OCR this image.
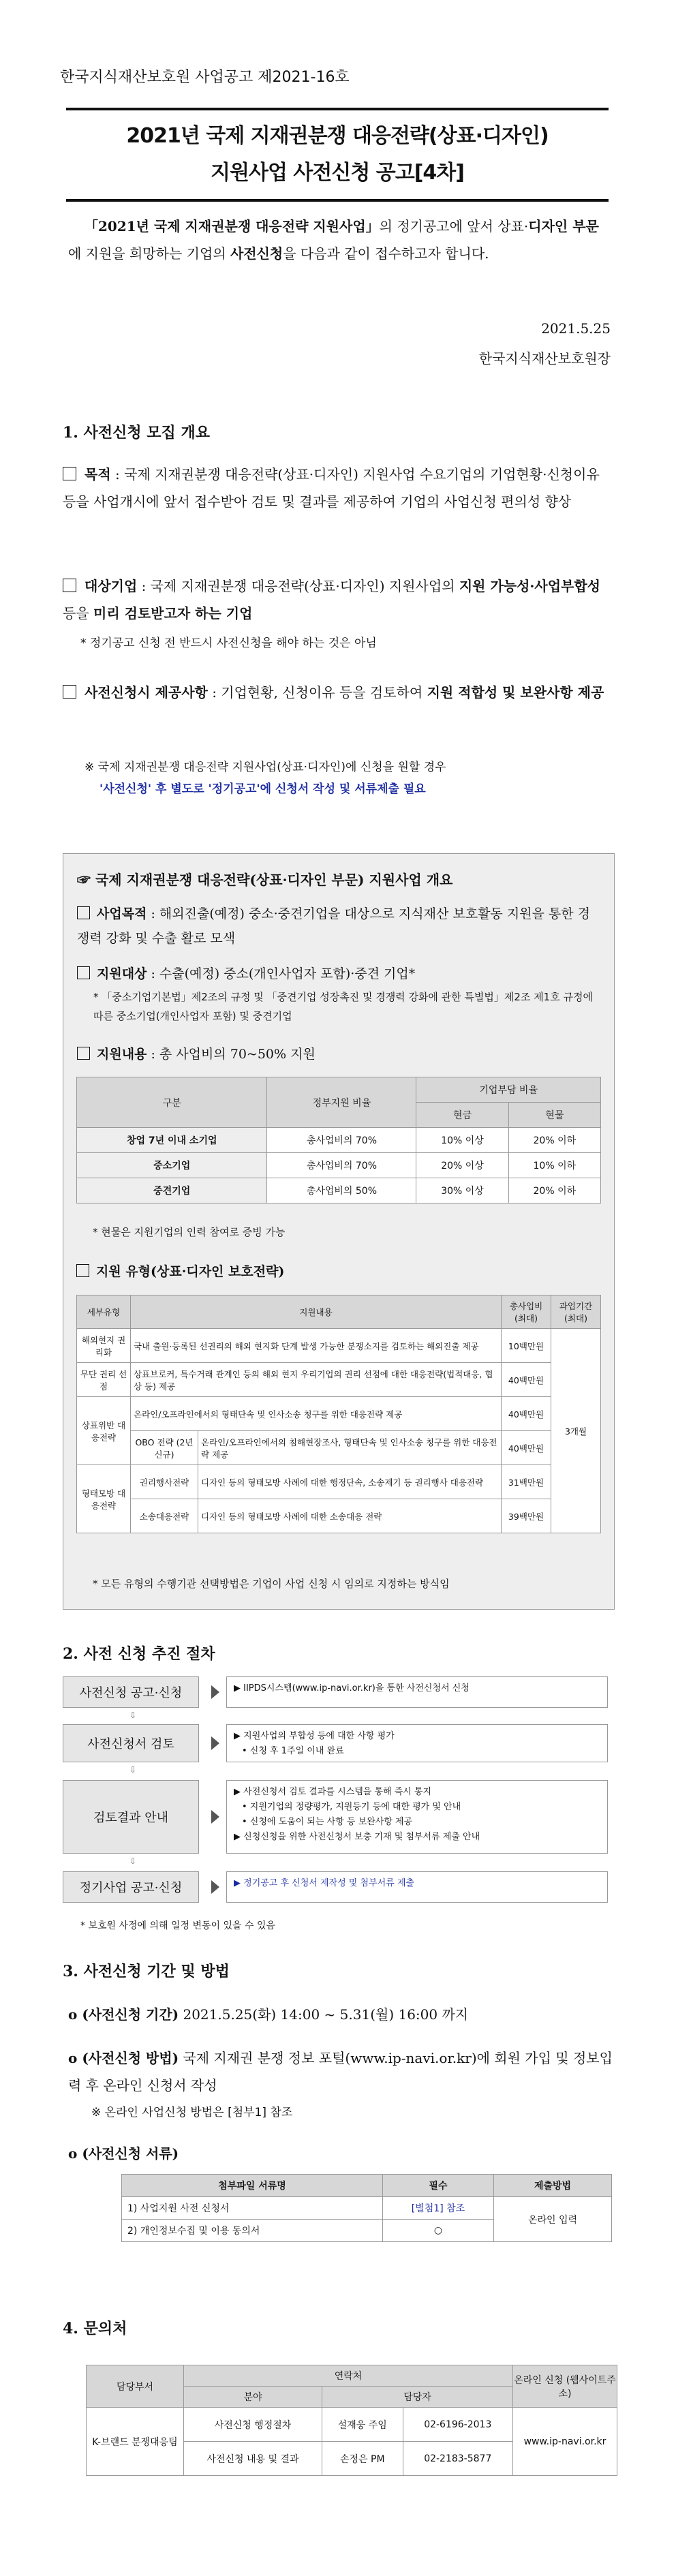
한국지식재산보호원 사업공고 제2021-16호
2021년 국제 지재권분쟁 대응전략(상표·디자인)
지원사업 사전신청 공고[4차]
「2021년 국제 지재권분쟁 대응전략 지원사업」의 정기공고에 앞서 상표·디자인 부문에 지원을 희망하는 기업의 사전신청을 다음과 같이 접수하고자 합니다.
2021.5.25
한국지식재산보호원장
1. 사전신청 모집 개요
목적 : 국제 지재권분쟁 대응전략(상표·디자인) 지원사업 수요기업의 기업현황·신청이유 등을 사업개시에 앞서 접수받아 검토 및 결과를 제공하여 기업의 사업신청 편의성 향상
대상기업 : 국제 지재권분쟁 대응전략(상표·디자인) 지원사업의 지원 가능성·사업부합성 등을 미리 검토받고자 하는 기업
* 정기공고 신청 전 반드시 사전신청을 해야 하는 것은 아님
사전신청시 제공사항 : 기업현황, 신청이유 등을 검토하여 지원 적합성 및 보완사항 제공
※ 국제 지재권분쟁 대응전략 지원사업(상표·디자인)에 신청을 원할 경우
'사전신청' 후 별도로 '정기공고'에 신청서 작성 및 서류제출 필요
☞ 국제 지재권분쟁 대응전략(상표·디자인 부문) 지원사업 개요
사업목적 : 해외진출(예정) 중소·중견기업을 대상으로 지식재산 보호활동 지원을 통한 경쟁력 강화 및 수출 활로 모색
지원대상 : 수출(예정) 중소(개인사업자 포함)·중견 기업*
* 「중소기업기본법」제2조의 규정 및 「중견기업 성장촉진 및 경쟁력 강화에 관한 특별법」제2조 제1호 규정에 따른 중소기업(개인사업자 포함) 및 중견기업
지원내용 : 총 사업비의 70~50% 지원
구분	정부지원 비율	기업부담 비율	
		현금	현물
창업 7년 이내 소기업	총사업비의 70%	10% 이상	20% 이하
중소기업	총사업비의 70%	20% 이상	10% 이하
중견기업	총사업비의 50%	30% 이상	20% 이하
* 현물은 지원기업의 인력 참여로 증빙 가능
지원 유형(상표·디자인 보호전략)
세부유형	지원내용		총사업비 (최대)	과업기간 (최대)
해외현지 권리화	국내 출원·등록된 선권리의 해외 현지화 단계 발생 가능한 분쟁소지를 검토하는 해외진출 제공		10백만원	3개월
무단 권리 선점	상표브로커, 특수거래 관계인 등의 해외 현지 우리기업의 권리 선점에 대한 대응전략(법적대응, 협상 등) 제공		40백만원	
상표위반 대응전략	온라인/오프라인에서의 형태단속 및 인사소송 청구를 위한 대응전략 제공		40백만원	
	OBO 전략 (2년 신규)	온라인/오프라인에서의 침해현장조사, 형태단속 및 인사소송 청구를 위한 대응전략 제공	40백만원	
형태모방 대응전략	권리행사전략	디자인 등의 형태모방 사례에 대한 행정단속, 소송제기 등 권리행사 대응전략	31백만원	
	소송대응전략	디자인 등의 형태모방 사례에 대한 소송대응 전략	39백만원	
* 모든 유형의 수행기관 선택방법은 기업이 사업 신청 시 임의로 지정하는 방식임
2. 사전 신청 추진 절차
사전신청 공고·신청	▶ IIPDS시스템(www.ip-navi.or.kr)을 통한 사전신청서 신청
⇩
사전신청서 검토
▶ 지원사업의 부합성 등에 대한 사항 평가
• 신청 후 1주일 이내 완료
⇩
검토결과 안내
▶ 사전신청서 검토 결과를 시스템을 통해 즉시 통지
• 지원기업의 정량평가, 지원등기 등에 대한 평가 및 안내
• 신청에 도움이 되는 사항 등 보완사항 제공
▶ 신청신청을 위한 사전신청서 보충 기재 및 첨부서류 제출 안내
⇩
정기사업 공고·신청	▶ 정기공고 후 신청서 제작성 및 첨부서류 제출
* 보호원 사정에 의해 일정 변동이 있을 수 있음
3. 사전신청 기간 및 방법
o (사전신청 기간) 2021.5.25(화) 14:00 ~ 5.31(월) 16:00 까지
o (사전신청 방법) 국제 지재권 분쟁 정보 포털(www.ip-navi.or.kr)에 회원 가입 및 정보입력 후 온라인 신청서 작성
※ 온라인 사업신청 방법은 [첨부1] 참조
o (사전신청 서류)
첨부파일 서류명	필수	제출방법
1) 사업지원 사전 신청서	[별첨1] 참조	온라인 입력
2) 개인정보수집 및 이용 동의서	○	
4. 문의처
담당부서	연락처			온라인 신청 (웹사이트주소)
	분야	담당자		
K-브랜드 분쟁대응팀	사전신청 행정절차	설재웅 주임	02-6196-2013	www.ip-navi.or.kr
	사전신청 내용 및 결과	손정은 PM	02-2183-5877	
